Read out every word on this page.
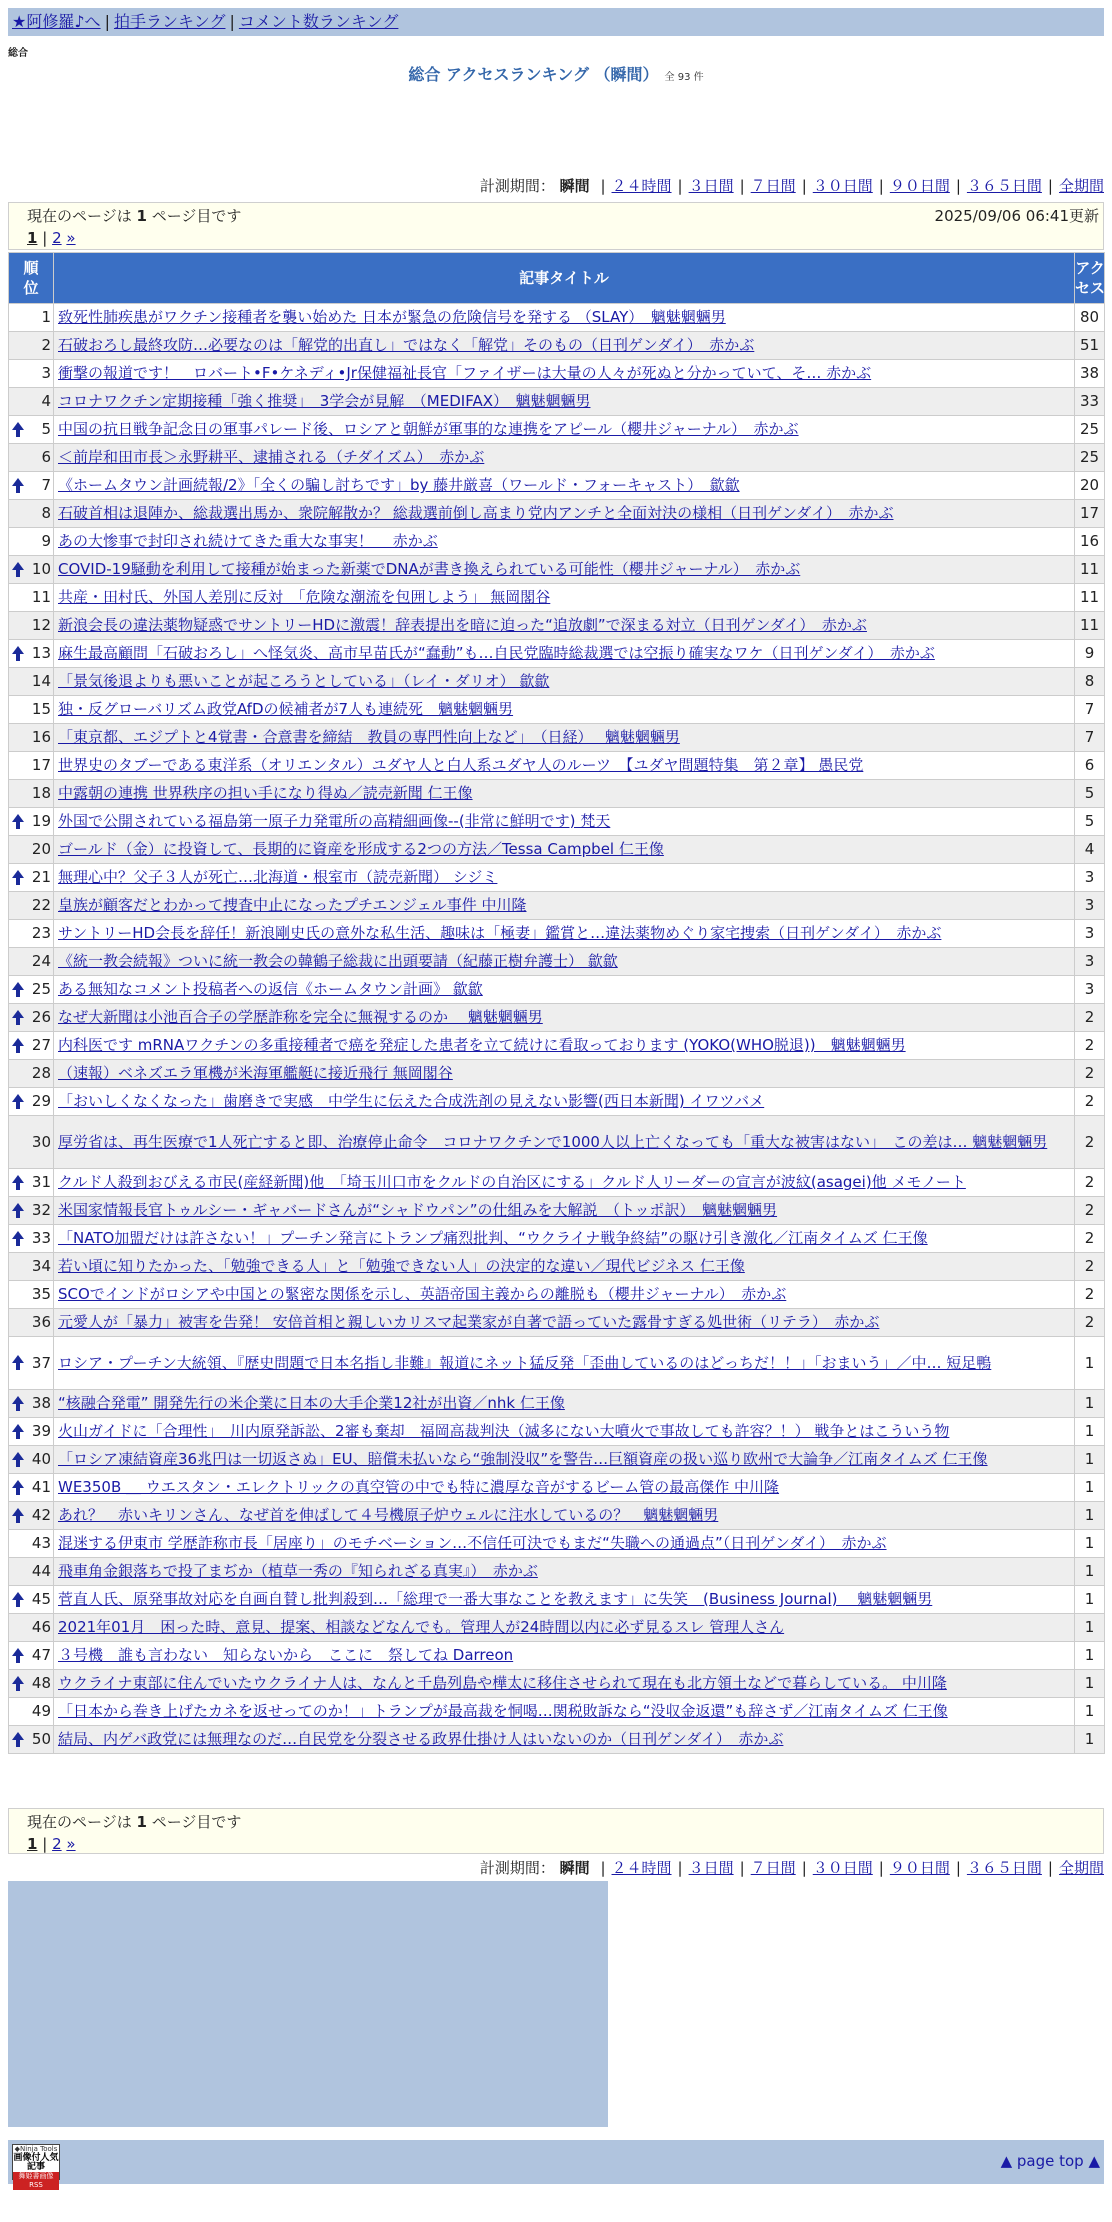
★阿修羅♪へ | 拍手ランキング | コメント数ランキング
総合
総合 アクセスランキング （瞬間） 全 93 件
計測期間： 瞬間 | ２４時間 | ３日間 | ７日間 | ３０日間 | ９０日間 | ３６５日間 | 全期間
現在のページは 1 ページ目です	2025/09/06 06:41更新
1 | 2 »
順位	記事タイトル	アクセス
1	致死性肺疾患がワクチン接種者を襲い始めた 日本が緊急の危険信号を発する （SLAY）　魑魅魍魎男	80
2	石破おろし最終攻防…必要なのは「解党的出直し」ではなく「解党」そのもの（日刊ゲンダイ）　赤かぶ	51
3	衝撃の報道です！　ロバート•F•ケネディ•Jr保健福祉長官「ファイザーは大量の人々が死ぬと分かっていて、そ… 赤かぶ	38
4	コロナワクチン定期接種「強く推奨」　3学会が見解　（MEDIFAX）　魑魅魍魎男	33

5	中国の抗日戦争記念日の軍事パレード後、ロシアと朝鮮が軍事的な連携をアピール（櫻井ジャーナル）　赤かぶ	25
6	＜前岸和田市長＞永野耕平、逮捕される（チダイズム）　赤かぶ	25

7	《ホームタウン計画続報/2》「全くの騙し討ちです」by 藤井厳喜（ワールド・フォーキャスト）　歙歙	20
8	石破首相は退陣か、総裁選出馬か、衆院解散か？ 総裁選前倒し高まり党内アンチと全面対決の様相（日刊ゲンダイ）　赤かぶ	17
9	あの大惨事で封印され続けてきた重大な事実！　 赤かぶ	16

10	COVID-19騒動を利用して接種が始まった新薬でDNAが書き換えられている可能性（櫻井ジャーナル）　赤かぶ	11
11	共産・田村氏、外国人差別に反対　「危険な潮流を包囲しよう」 無岡閣谷	11
12	新浪会長の違法薬物疑惑でサントリーHDに激震！辞表提出を暗に迫った“追放劇”で深まる対立（日刊ゲンダイ）　赤かぶ	11

13	麻生最高顧問「石破おろし」へ怪気炎、高市早苗氏が“蠢動”も…自民党臨時総裁選では空振り確実なワケ（日刊ゲンダイ）　赤かぶ	9
14	「景気後退よりも悪いことが起ころうとしている」（レイ・ダリオ） 歙歙	8
15	独・反グローバリズム政党AfDの候補者が7人も連続死　魑魅魍魎男	7
16	「東京都、エジプトと4覚書・合意書を締結　教員の専門性向上など」　（日経）　 魑魅魍魎男	7
17	世界史のタブーである東洋系（オリエンタル）ユダヤ人と白人系ユダヤ人のルーツ　【ユダヤ問題特集　第２章】 愚民党	6
18	中露朝の連携 世界秩序の担い手になり得ぬ／読売新聞 仁王像	5

19	外国で公開されている福島第一原子力発電所の高精細画像--(非常に鮮明です) 梵天	5
20	ゴールド（金）に投資して、長期的に資産を形成する2つの方法／Tessa Campbel 仁王像	4

21	無理心中？父子３人が死亡…北海道・根室市（読売新聞） シジミ	3
22	皇族が顧客だとわかって捜査中止になったプチエンジェル事件 中川隆	3
23	サントリーHD会長を辞任！新浪剛史氏の意外な私生活、趣味は「極妻」鑑賞と…違法薬物めぐり家宅捜索（日刊ゲンダイ）　赤かぶ	3
24	《統一教会続報》ついに統一教会の韓鶴子総裁に出頭要請（紀藤正樹弁護士） 歙歙	3

25	ある無知なコメント投稿者への返信《ホームタウン計画》 歙歙	3

26	なぜ大新聞は小池百合子の学歴詐称を完全に無視するのか　 魑魅魍魎男	2

27	内科医です mRNAワクチンの多重接種者で癌を発症した患者を立て続けに看取っております (YOKO(WHO脱退))　魑魅魍魎男	2
28	（速報）ベネズエラ軍機が米海軍艦艇に接近飛行 無岡閣谷	2

29	「おいしくなくなった」歯磨きで実感　中学生に伝えた合成洗剤の見えない影響(西日本新聞) イワツバメ	2
30	厚労省は、再生医療で1人死亡すると即、治療停止命令　コロナワクチンで1000人以上亡くなっても「重大な被害はない」　この差は… 魑魅魍魎男	2

31	クルド人殺到おびえる市民(産経新聞)他　「埼玉川口市をクルドの自治区にする」クルド人リーダーの宣言が波紋(asagei)他 メモノート	2

32	米国家情報長官トゥルシー・ギャバードさんが“シャドウパン”の仕組みを大解説　（トッポ訳）　魑魅魍魎男	2

33	「NATO加盟だけは許さない！」プーチン発言にトランプ痛烈批判、“ウクライナ戦争終結”の駆け引き激化／江南タイムズ 仁王像	2
34	若い頃に知りたかった、「勉強できる人」と「勉強できない人」の決定的な違い／現代ビジネス 仁王像	2
35	SCOでインドがロシアや中国との緊密な関係を示し、英語帝国主義からの離脱も（櫻井ジャーナル）　赤かぶ	2
36	元愛人が「暴力」被害を告発！ 安倍首相と親しいカリスマ起業家が自著で語っていた露骨すぎる処世術（リテラ）　赤かぶ	2

37	ロシア・プーチン大統領、『歴史問題で日本名指し非難』報道にネット猛反発「歪曲しているのはどっちだ！！」「おまいう」／中… 短足鴨	1

38	“核融合発電” 開発先行の米企業に日本の大手企業12社が出資／nhk 仁王像	1

39	火山ガイドに「合理性」　川内原発訴訟、2審も棄却　福岡高裁判決（滅多にない大噴火で事故しても許容？！） 戦争とはこういう物	1

40	「ロシア凍結資産36兆円は一切返さぬ」EU、賠償未払いなら“強制没収”を警告…巨額資産の扱い巡り欧州で大論争／江南タイムズ 仁王像	1

41	WE350B ＿ ウエスタン・エレクトリックの真空管の中でも特に濃厚な音がするビーム管の最高傑作 中川隆	1

42	あれ？　赤いキリンさん、なぜ首を伸ばして４号機原子炉ウェルに注水しているの？　魑魅魍魎男	1
43	混迷する伊東市 学歴詐称市長「居座り」のモチベーション…不信任可決でもまだ“失職への通過点”（日刊ゲンダイ）　赤かぶ	1
44	飛車角金銀落ちで投了まぢか（植草一秀の『知られざる真実』）　赤かぶ	1

45	菅直人氏、原発事故対応を自画自賛し批判殺到…「総理で一番大事なことを教えます」に失笑　(Business Journal)　 魑魅魍魎男	1
46	2021年01月　困った時、意見、提案、相談などなんでも。管理人が24時間以内に必ず見るスレ 管理人さん	1

47	３号機　誰も言わない　知らないから　ここに　祭してね Darreon	1

48	ウクライナ東部に住んでいたウクライナ人は、なんと千島列島や樺太に移住させられて現在も北方領土などで暮らしている。 中川隆	1
49	「日本から巻き上げたカネを返せってのか！」トランプが最高裁を恫喝…関税敗訴なら“没収金返還”も辞さず／江南タイムズ 仁王像	1

50	結局、内ゲバ政党には無理なのだ…自民党を分裂させる政界仕掛け人はいないのか（日刊ゲンダイ）　赤かぶ	1
現在のページは 1 ページ目です
1 | 2 »
計測期間： 瞬間 | ２４時間 | ３日間 | ７日間 | ３０日間 | ９０日間 | ３６５日間 | 全期間
◆Ninja Tools
画像付人気記事
舞姫書画像RSS
▲ page top ▲
